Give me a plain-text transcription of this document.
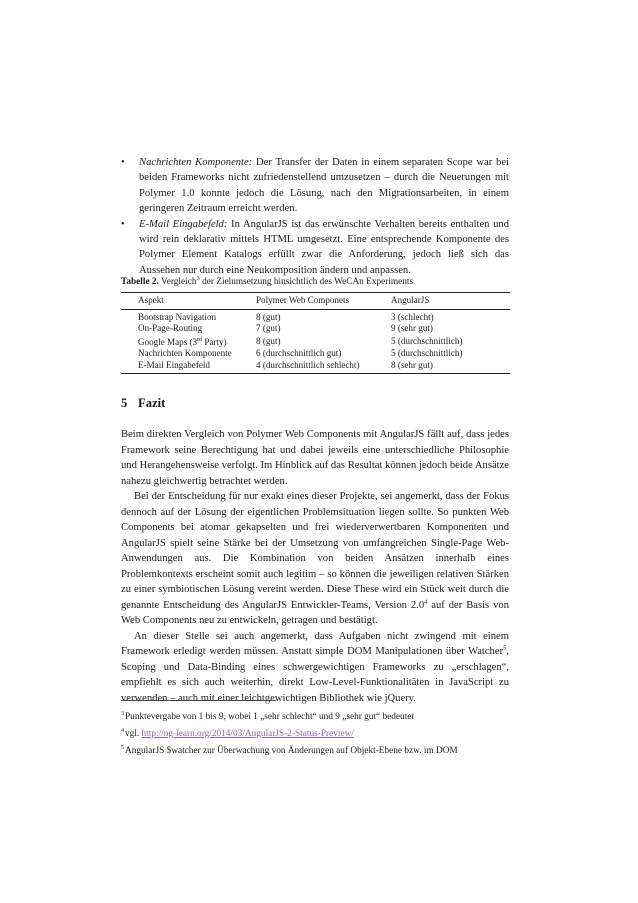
• Nachrichten Komponente: Der Transfer der Daten in einem separaten Scope war bei beiden Frameworks nicht zufriedenstellend umzusetzen – durch die Neuerungen mit Polymer 1.0 konnte jedoch die Lösung, nach den Migrationsarbeiten, in einem geringeren Zeitraum erreicht werden.
• E-Mail Eingabefeld: In AngularJS ist das erwünschte Verhalten bereits enthalten und wird rein deklarativ mittels HTML umgesetzt. Eine entsprechende Komponente des Polymer Element Katalogs erfüllt zwar die Anforderung, jedoch ließ sich das Aussehen nur durch eine Neukomposition ändern und anpassen.
Tabelle 2. Vergleich$^3$ der Zielumsetzung hinsichtlich des WeCAn Experiments
Aspekt	Polymer Web Componets	AngularJS
Bootstrap Navigation	8 (gut)	3 (schlecht)
On-Page-Routing	7 (gut)	9 (sehr gut)
Google Maps (3rd Party)	8 (gut)	5 (durchschnittlich)
Nachrichten Komponente	6 (durchschnittlich gut)	5 (durchschnittlich)
E-Mail Eingabefeld	4 (durchschnittlich schlecht)	8 (sehr gut)
5 Fazit

Beim direkten Vergleich von Polymer Web Components mit AngularJS fällt auf, dass jedes Framework seine Berechtigung hat und dabei jeweils eine unterschiedliche Philosophie und Herangehensweise verfolgt. Im Hinblick auf das Resultat können jedoch beide Ansätze nahezu gleichwertig betrachtet werden.

Bei der Entscheidung für nur exakt eines dieser Projekte, sei angemerkt, dass der Fokus dennoch auf der Lösung der eigentlichen Problemsituation liegen sollte. So punkten Web Components bei atomar gekapselten und frei wiederverwertbaren Komponenten und AngularJS spielt seine Stärke bei der Umsetzung von umfangreichen Single-Page Web-Anwendungen aus. Die Kombination von beiden Ansätzen innerhalb eines Problemkontexts erscheint somit auch legitim – so können die jeweiligen relativen Stärken zu einer symbiotischen Lösung vereint werden. Diese These wird ein Stück weit durch die genannte Entscheidung des AngularJS Entwickler-Teams, Version $2.0^4$ auf der Basis von Web Components neu zu entwickeln, getragen und bestätigt.

An dieser Stelle sei auch angemerkt, dass Aufgaben nicht zwingend mit einem Framework erledigt werden müssen. Anstatt simple DOM Manipulationen über Watcher$^5$, Scoping und Data-Binding eines schwergewichtigen Frameworks zu „erschlagen“, empfiehlt es sich auch weiterhin, direkt Low-Level-Funktionalitäten in JavaScript zu verwenden – auch mit einer leichtgewichtigen Bibliothek wie jQuery.

$^3$Punktevergabe von 1 bis 9, wobei 1 „sehr schlecht“ und 9 „sehr gut“ bedeutet
$^4$vgl. http://ng-learn.org/2014/03/AngularJS-2-Status-Preview/
$^5$AngularJS $watcher zur Überwachung von Änderungen auf Objekt-Ebene bzw. im DOM
